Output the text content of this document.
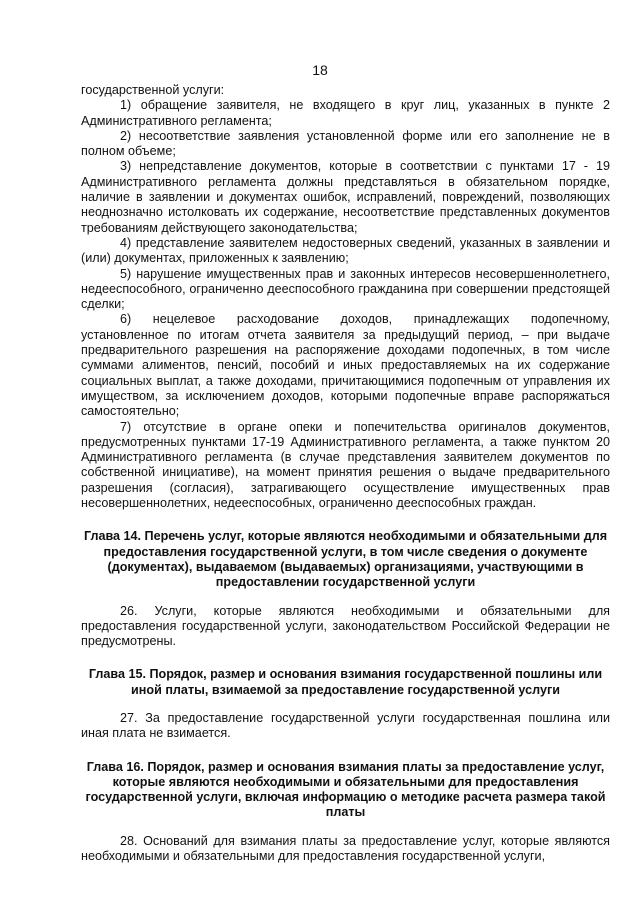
18

государственной услуги:

1) обращение заявителя, не входящего в круг лиц, указанных в пункте 2 Административного регламента;

2) несоответствие заявления установленной форме или его заполнение не в полном объеме;

3) непредставление документов, которые в соответствии с пунктами 17 - 19 Административного регламента должны представляться в обязательном порядке, наличие в заявлении и документах ошибок, исправлений, повреждений, позволяющих неоднозначно истолковать их содержание, несоответствие представленных документов требованиям действующего законодательства;

4) представление заявителем недостоверных сведений, указанных в заявлении и (или) документах, приложенных к заявлению;

5) нарушение имущественных прав и законных интересов несовершеннолетнего, недееспособного, ограниченно дееспособного гражданина при совершении предстоящей сделки;

6) нецелевое расходование доходов, принадлежащих подопечному, установленное по итогам отчета заявителя за предыдущий период, – при выдаче предварительного разрешения на распоряжение доходами подопечных, в том числе суммами алиментов, пенсий, пособий и иных предоставляемых на их содержание социальных выплат, а также доходами, причитающимися подопечным от управления их имуществом, за исключением доходов, которыми подопечные вправе распоряжаться самостоятельно;

7) отсутствие в органе опеки и попечительства оригиналов документов, предусмотренных пунктами 17-19 Административного регламента, а также пунктом 20 Административного регламента (в случае представления заявителем документов по собственной инициативе), на момент принятия решения о выдаче предварительного разрешения (согласия), затрагивающего осуществление имущественных прав несовершеннолетних, недееспособных, ограниченно дееспособных граждан.

Глава 14. Перечень услуг, которые являются необходимыми и обязательными для предоставления государственной услуги, в том числе сведения о документе (документах), выдаваемом (выдаваемых) организациями, участвующими в предоставлении государственной услуги

26. Услуги, которые являются необходимыми и обязательными для предоставления государственной услуги, законодательством Российской Федерации не предусмотрены.

Глава 15. Порядок, размер и основания взимания государственной пошлины или иной платы, взимаемой за предоставление государственной услуги

27. За предоставление государственной услуги государственная пошлина или иная плата не взимается.

Глава 16. Порядок, размер и основания взимания платы за предоставление услуг, которые являются необходимыми и обязательными для предоставления государственной услуги, включая информацию о методике расчета размера такой платы

28. Оснований для взимания платы за предоставление услуг, которые являются необходимыми и обязательными для предоставления государственной услуги,
